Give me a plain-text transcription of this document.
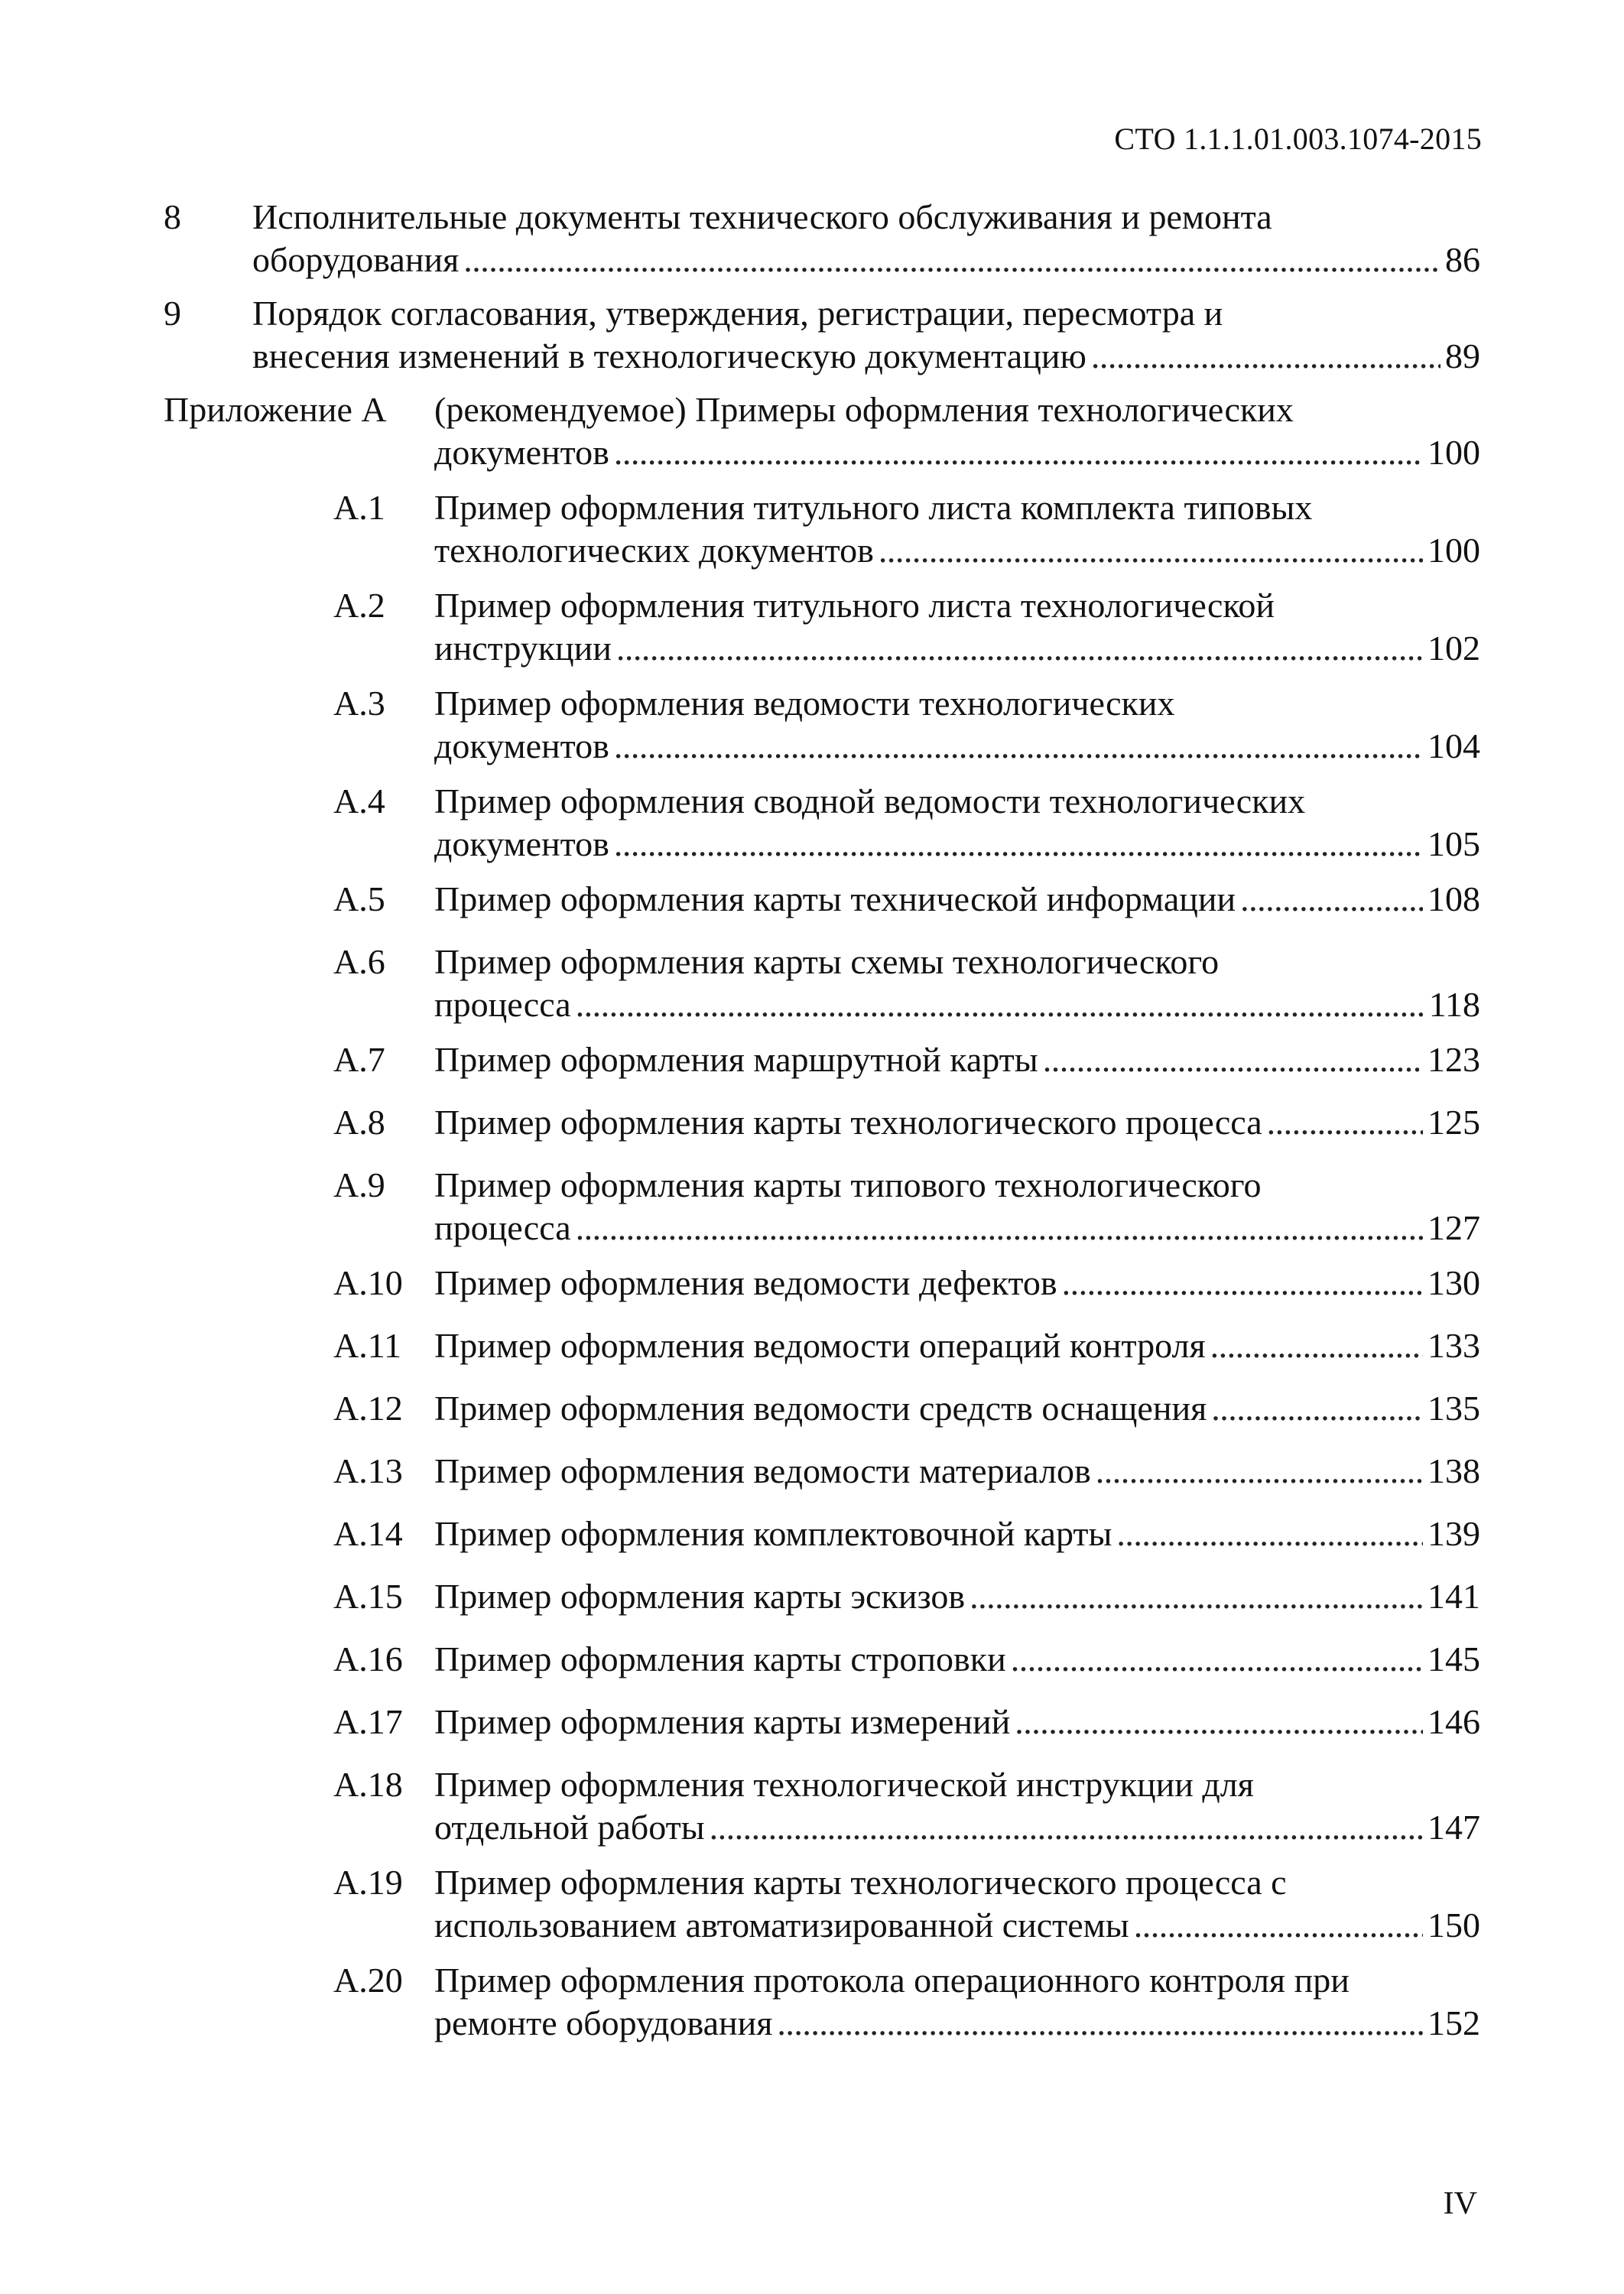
СТО 1.1.1.01.003.1074-2015
8 Исполнительные документы технического обслуживания и ремонта
оборудования . . .	86
9 Порядок согласования, утверждения, регистрации, пересмотра и
внесения изменений в технологическую документацию . . .	89
Приложение А (рекомендуемое) Примеры оформления технологических
документов . . .	100
А.1 Пример оформления титульного листа комплекта типовых
технологических документов . . .	100
А.2 Пример оформления титульного листа технологической
инструкции . . .	102
А.3 Пример оформления ведомости технологических
документов . . .	104
А.4 Пример оформления сводной ведомости технологических
документов . . .	105
А.5 Пример оформления карты технической информации . . .	108
А.6 Пример оформления карты схемы технологического
процесса . . .	118
А.7 Пример оформления маршрутной карты . . .	123
А.8 Пример оформления карты технологического процесса . . .	125
А.9 Пример оформления карты типового технологического
процесса . . .	127
А.10 Пример оформления ведомости дефектов . . .	130
А.11 Пример оформления ведомости операций контроля . . .	133
А.12 Пример оформления ведомости средств оснащения . . .	135
А.13 Пример оформления ведомости материалов . . .	138
А.14 Пример оформления комплектовочной карты . . .	139
А.15 Пример оформления карты эскизов . . .	141
А.16 Пример оформления карты строповки . . .	145
А.17 Пример оформления карты измерений . . .	146
А.18 Пример оформления технологической инструкции для
отдельной работы . . .	147
А.19 Пример оформления карты технологического процесса с
использованием автоматизированной системы . . .	150
А.20 Пример оформления протокола операционного контроля при
ремонте оборудования . . .	152
IV
